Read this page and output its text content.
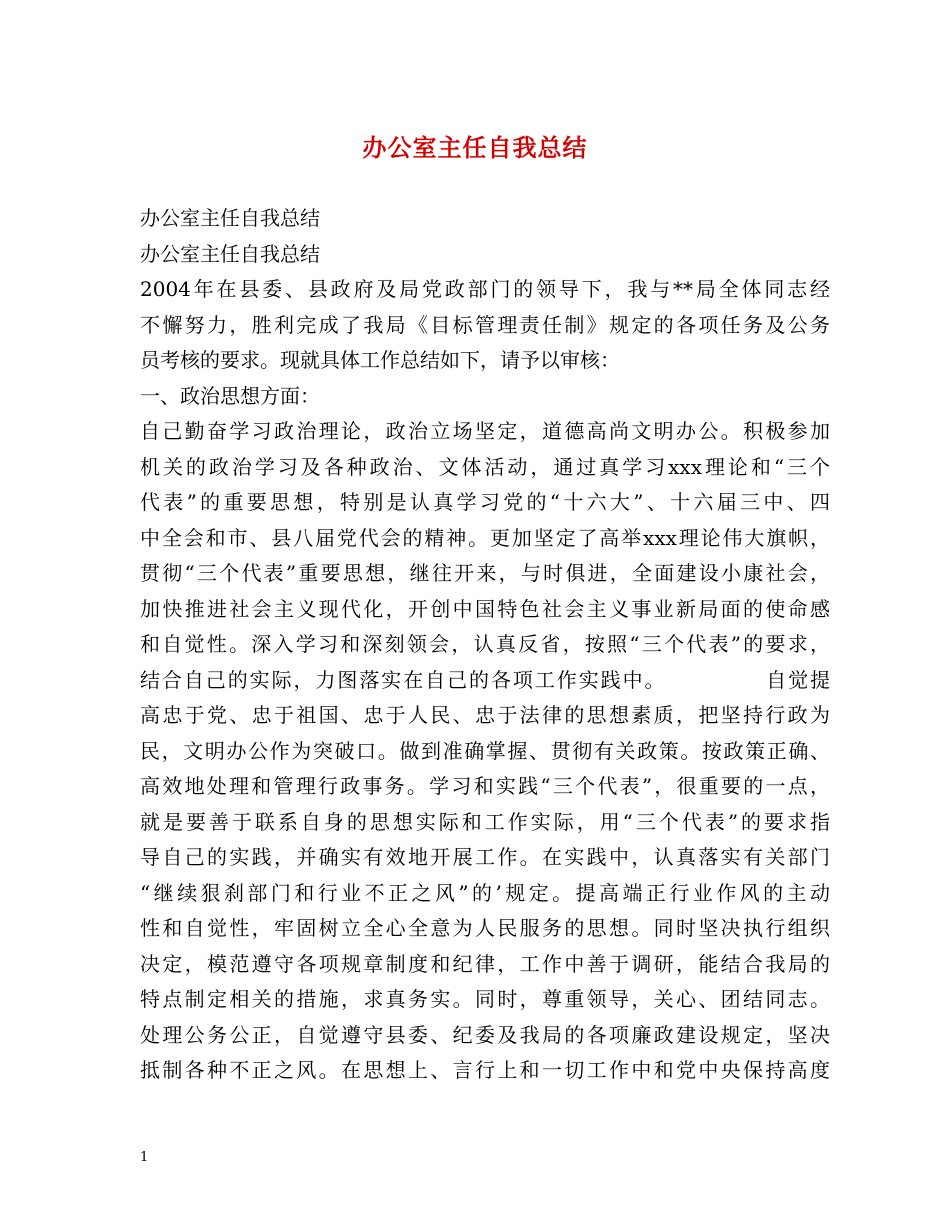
办公室主任自我总结
办公室主任自我总结
办公室主任自我总结
2004年在县委、县政府及局党政部门的领导下，我与**局全体同志经
不懈努力，胜利完成了我局《目标管理责任制》规定的各项任务及公务
员考核的要求。现就具体工作总结如下，请予以审核：
一、政治思想方面：
自己勤奋学习政治理论，政治立场坚定，道德高尚文明办公。积极参加
机关的政治学习及各种政治、文体活动，通过真学习xxx理论和“三个
代表”的重要思想，特别是认真学习党的“十六大”、十六届三中、四
中全会和市、县八届党代会的精神。更加坚定了高举xxx理论伟大旗帜，
贯彻“三个代表”重要思想，继往开来，与时俱进，全面建设小康社会，
加快推进社会主义现代化，开创中国特色社会主义事业新局面的使命感
和自觉性。深入学习和深刻领会，认真反省，按照“三个代表”的要求，
结合自己的实际，力图落实在自己的各项工作实践中。　　　　　自觉提
高忠于党、忠于祖国、忠于人民、忠于法律的思想素质，把坚持行政为
民，文明办公作为突破口。做到准确掌握、贯彻有关政策。按政策正确、
高效地处理和管理行政事务。学习和实践“三个代表”，很重要的一点，
就是要善于联系自身的思想实际和工作实际，用“三个代表”的要求指
导自己的实践，并确实有效地开展工作。在实践中，认真落实有关部门
“继续狠刹部门和行业不正之风”的’规定。提高端正行业作风的主动
性和自觉性，牢固树立全心全意为人民服务的思想。同时坚决执行组织
决定，模范遵守各项规章制度和纪律，工作中善于调研，能结合我局的
特点制定相关的措施，求真务实。同时，尊重领导，关心、团结同志。
处理公务公正，自觉遵守县委、纪委及我局的各项廉政建设规定，坚决
抵制各种不正之风。在思想上、言行上和一切工作中和党中央保持高度
1
